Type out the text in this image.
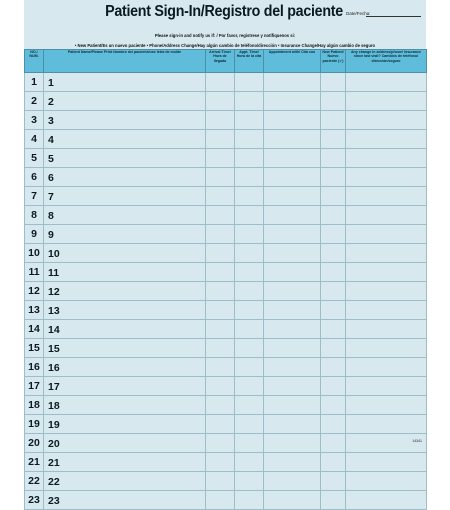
Patient Sign-In/Registro del paciente Date/Fecha:
Please sign-in and notify us if: / Por favor, registrese y notifiquenos si:
• New Patient/Es un nuevo paciente • Phone/Address Change/Hay algún cambio de teléfono/dirección • Insurance Change/Hay algún cambio de seguro
NO./ NUM.	Patient Name/Please Print Nombre del paciente/use letra de molde	Arrival Time/ Hora de llegada	Appt. Time/ Hora de la cita	Appointment with/ Cita con	New Patient/ Nuevo paciente (✓)	Any change in address/phone/ insurance since last visit? Cambios de teléfono/ dirección/seguro
1	1					
2	2					
3	3					
4	4					
5	5					
6	6					
7	7					
8	8					
9	9					
10	10					
11	11					
12	12					
13	13					
14	14					
15	15					
16	16					
17	17					
18	18					
19	19					
20	20					
21	21					
22	22					
23	23					
14341
